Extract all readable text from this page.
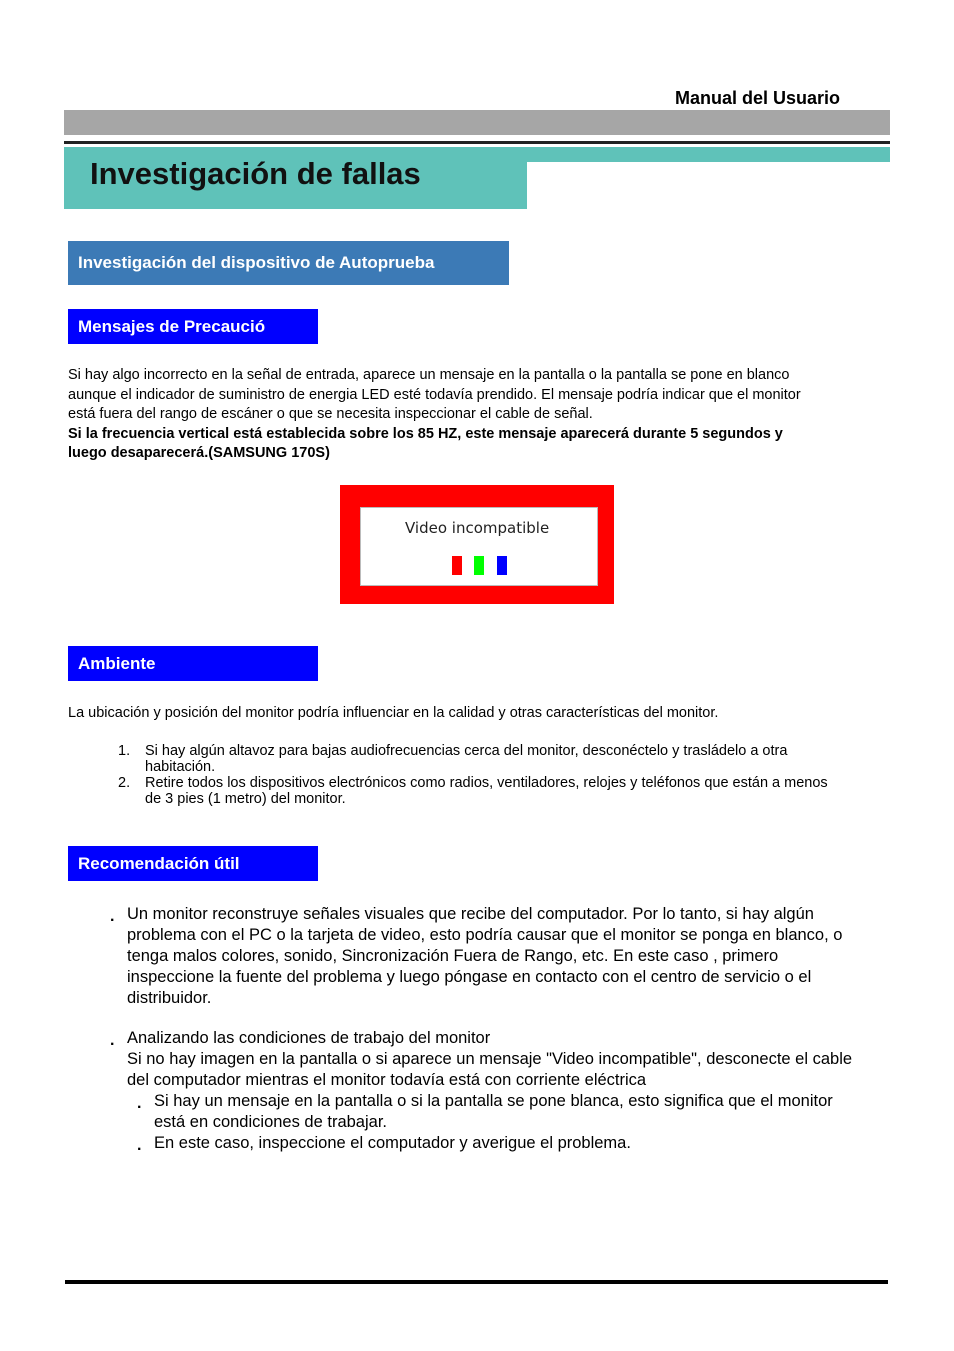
Manual del Usuario
Investigación de fallas
Investigación del dispositivo de Autoprueba
Mensajes de Precaució
Si hay algo incorrecto en la señal de entrada, aparece un mensaje en la pantalla o la pantalla se pone en blanco
aunque el indicador de suministro de energia LED esté todavía prendido. El mensaje podría indicar que el monitor
está fuera del rango de escáner o que se necesita inspeccionar el cable de señal.
Si la frecuencia vertical está establecida sobre los 85 HZ, este mensaje aparecerá durante 5 segundos y
luego desaparecerá.(SAMSUNG 170S)
Video incompatible
Ambiente
La ubicación y posición del monitor podría influenciar en la calidad y otras características del monitor.
1. Si hay algún altavoz para bajas audiofrecuencias cerca del monitor, desconéctelo y trasládelo a otra
habitación.
2. Retire todos los dispositivos electrónicos como radios, ventiladores, relojes y teléfonos que están a menos
de 3 pies (1 metro) del monitor.
Recomendación útil
. Un monitor reconstruye señales visuales que recibe del computador. Por lo tanto, si hay algún
problema con el PC o la tarjeta de video, esto podría causar que el monitor se ponga en blanco, o
tenga malos colores, sonido, Sincronización Fuera de Rango, etc. En este caso , primero
inspeccione la fuente del problema y luego póngase en contacto con el centro de servicio o el
distribuidor.
. Analizando las condiciones de trabajo del monitor
Si no hay imagen en la pantalla o si aparece un mensaje "Video incompatible", desconecte el cable
del computador mientras el monitor todavía está con corriente eléctrica
. Si hay un mensaje en la pantalla o si la pantalla se pone blanca, esto significa que el monitor
está en condiciones de trabajar.
. En este caso, inspeccione el computador y averigue el problema.
